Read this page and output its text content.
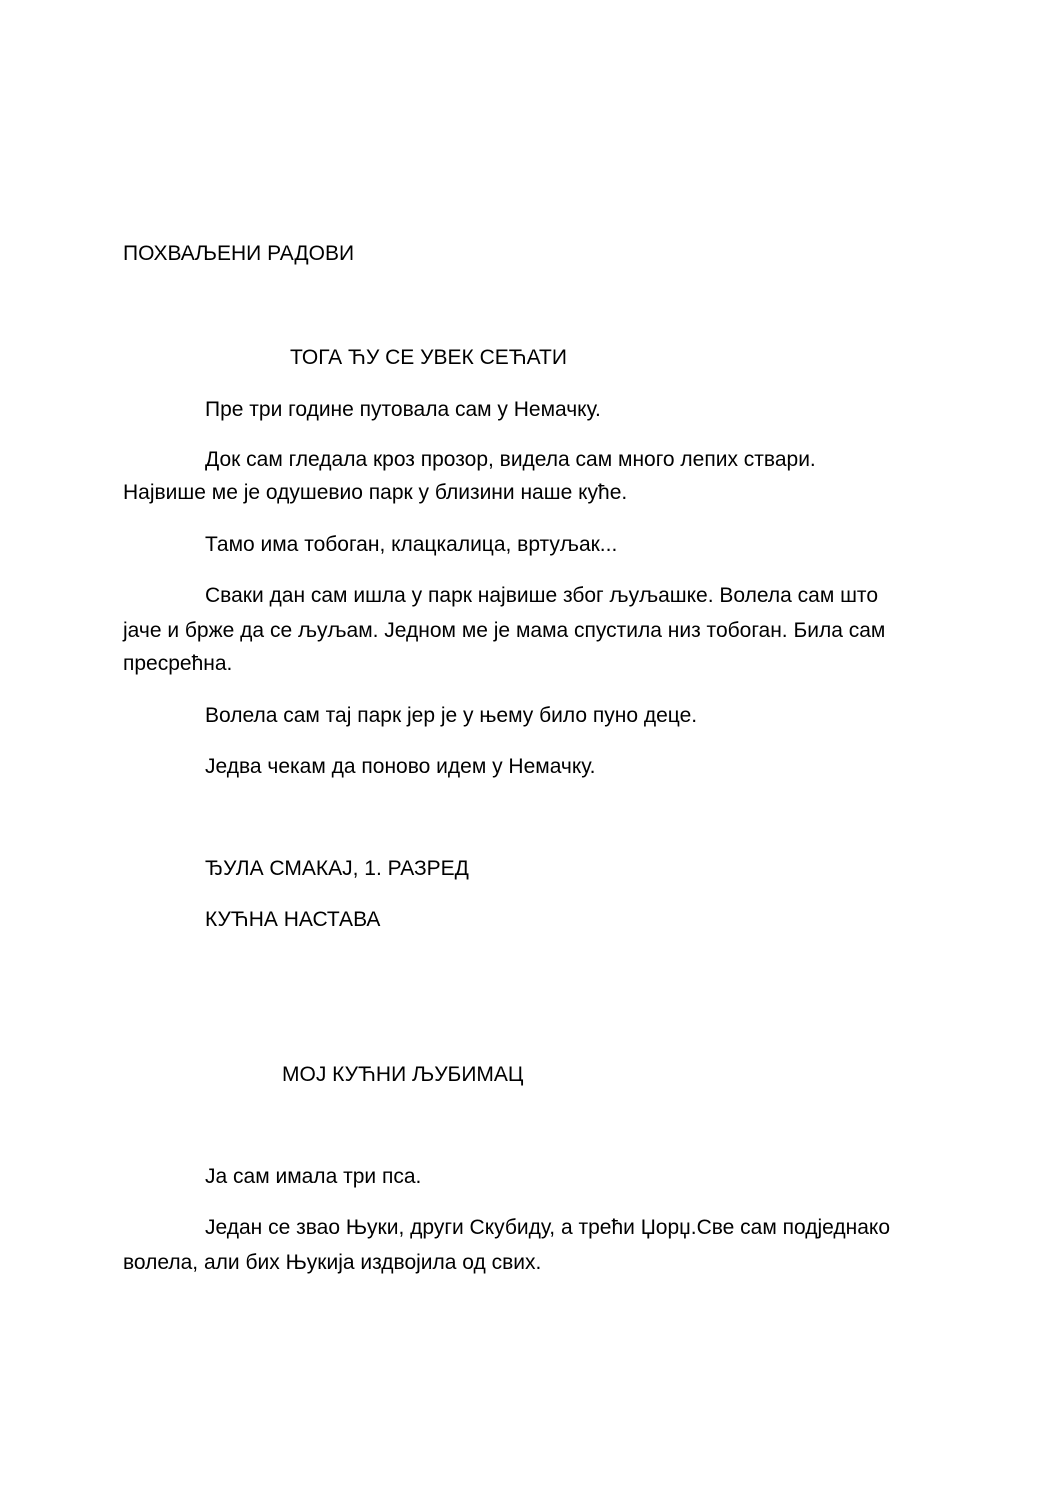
ПОХВАЉЕНИ РАДОВИ
ТОГА ЋУ СЕ УВЕК СЕЋАТИ
Пре три године путовала сам у Немачку.
Док сам гледала кроз прозор, видела сам много лепих ствари.
Највише ме је одушевио парк у близини наше куће.
Тамо има тобоган, клацкалица, вртуљак...
Сваки дан сам ишла у парк највише због љуљашке. Волела сам што
јаче и брже да се љуљам. Једном ме је мама спустила низ тобоган. Била сам
пресрећна.
Волела сам тај парк јер је у њему било пуно деце.
Једва чекам да поново идем у Немачку.
ЂУЛА СМАКАЈ, 1. РАЗРЕД
КУЋНА НАСТАВА
МОЈ КУЋНИ ЉУБИМАЦ
Ја сам имала три пса.
Један се звао Њуки, други Скубиду, а трећи Џорџ.Све сам подједнако
волела, али бих Њукија издвојила од свих.
